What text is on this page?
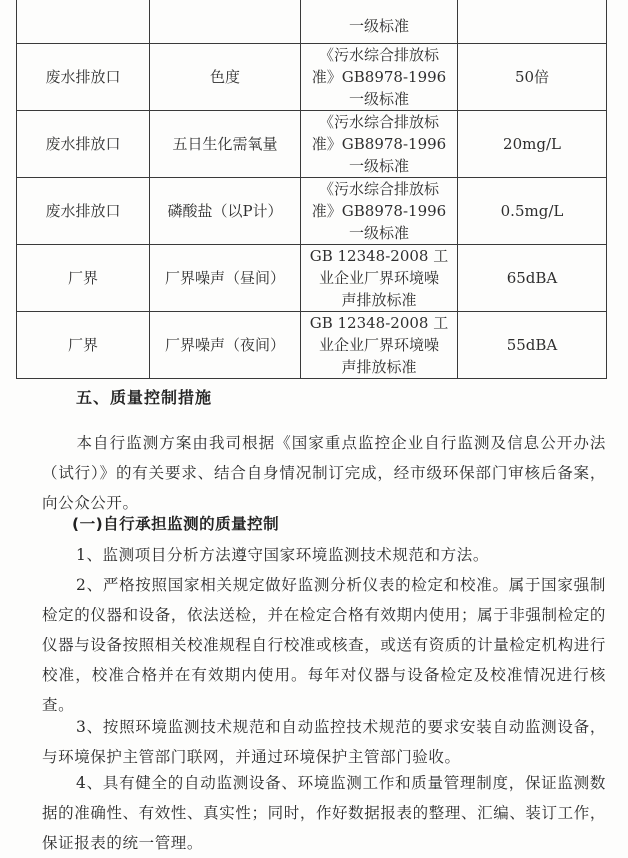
		一级标准	

废水排放口	色度	《污水综合排放标
准》GB8978-1996
一级标准	50倍
废水排放口	五日生化需氧量	《污水综合排放标
准》GB8978-1996
一级标准	20mg/L
废水排放口	磷酸盐（以P计）	《污水综合排放标
准》GB8978-1996
一级标准	0.5mg/L
厂界	厂界噪声（昼间）	GB 12348-2008 工
业企业厂界环境噪
声排放标准	65dBA
厂界	厂界噪声（夜间）	GB 12348-2008 工
业企业厂界环境噪
声排放标准	55dBA
五、质量控制措施
本自行监测方案由我司根据《国家重点监控企业自行监测及信息公开办法（试行）》的有关要求、结合自身情况制订完成，经市级环保部门审核后备案，向公众公开。
(一)自行承担监测的质量控制
1、监测项目分析方法遵守国家环境监测技术规范和方法。
2、严格按照国家相关规定做好监测分析仪表的检定和校准。属于国家强制检定的仪器和设备，依法送检，并在检定合格有效期内使用；属于非强制检定的仪器与设备按照相关校准规程自行校准或核查，或送有资质的计量检定机构进行校准，校准合格并在有效期内使用。每年对仪器与设备检定及校准情况进行核查。
3、按照环境监测技术规范和自动监控技术规范的要求安装自动监测设备，与环境保护主管部门联网，并通过环境保护主管部门验收。
4、具有健全的自动监测设备、环境监测工作和质量管理制度，保证监测数据的准确性、有效性、真实性；同时，作好数据报表的整理、汇编、装订工作，保证报表的统一管理。
